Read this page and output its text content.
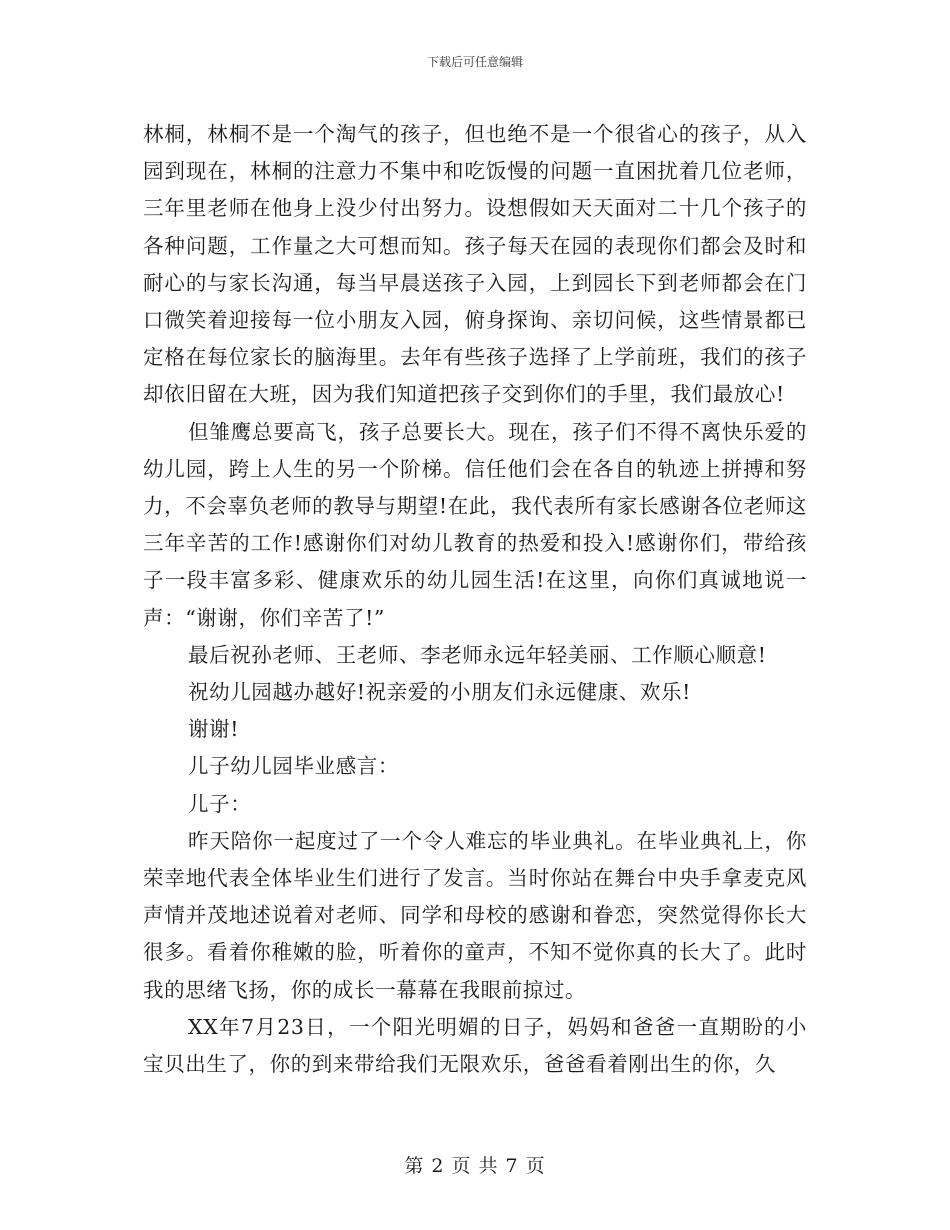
下载后可任意编辑

林桐，林桐不是一个淘气的孩子，但也绝不是一个很省心的孩子，从入园到现在，林桐的注意力不集中和吃饭慢的问题一直困扰着几位老师，三年里老师在他身上没少付出努力。设想假如天天面对二十几个孩子的各种问题，工作量之大可想而知。孩子每天在园的表现你们都会及时和耐心的与家长沟通，每当早晨送孩子入园，上到园长下到老师都会在门口微笑着迎接每一位小朋友入园，俯身探询、亲切问候，这些情景都已定格在每位家长的脑海里。去年有些孩子选择了上学前班，我们的孩子却依旧留在大班，因为我们知道把孩子交到你们的手里，我们最放心!

但雏鹰总要高飞，孩子总要长大。现在，孩子们不得不离快乐爱的幼儿园，跨上人生的另一个阶梯。信任他们会在各自的轨迹上拼搏和努力，不会辜负老师的教导与期望!在此，我代表所有家长感谢各位老师这三年辛苦的工作!感谢你们对幼儿教育的热爱和投入!感谢你们，带给孩子一段丰富多彩、健康欢乐的幼儿园生活!在这里，向你们真诚地说一声：“谢谢，你们辛苦了!”

最后祝孙老师、王老师、李老师永远年轻美丽、工作顺心顺意!

祝幼儿园越办越好!祝亲爱的小朋友们永远健康、欢乐!

谢谢!

儿子幼儿园毕业感言：

儿子：

昨天陪你一起度过了一个令人难忘的毕业典礼。在毕业典礼上，你荣幸地代表全体毕业生们进行了发言。当时你站在舞台中央手拿麦克风声情并茂地述说着对老师、同学和母校的感谢和眷恋，突然觉得你长大很多。看着你稚嫩的脸，听着你的童声，不知不觉你真的长大了。此时我的思绪飞扬，你的成长一幕幕在我眼前掠过。

XX年7月23日，一个阳光明媚的日子，妈妈和爸爸一直期盼的小宝贝出生了，你的到来带给我们无限欢乐，爸爸看着刚出生的你，久

第 2 页 共 7 页
